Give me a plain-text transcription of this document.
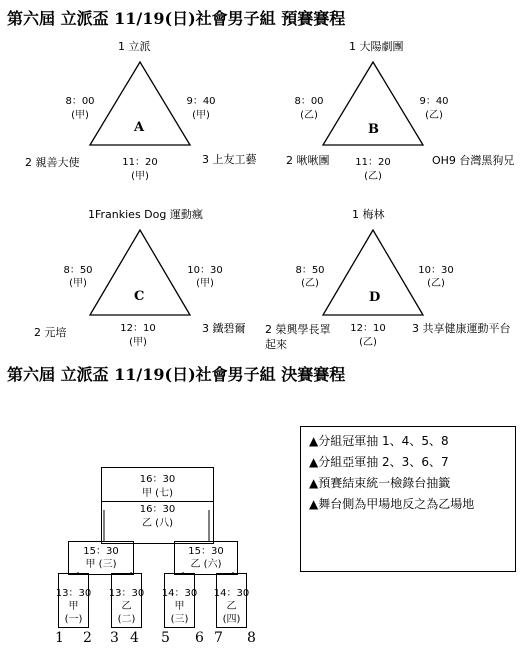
第六屆 立派盃 11/19(日)社會男子組 預賽賽程
1 立派
8：00
(甲)
9：40
(甲)
A
2 親善大使	3 上友工藝
11：20
(甲)
1 大陽劇團
8：00
(乙)
9：40
(乙)
B
2 啾啾團	OH9 台灣黑狗兄
11：20
(乙)
1Frankies Dog 運動瘋
8：50
(甲)
10：30
(甲)
C
2 元培	3 鐵碧爾
12：10
(甲)
1 梅林
8：50
(乙)
10：30
(乙)
D
2 榮興學長罩
起來
3 共享健康運動平台
12：10
(乙)
第六屆 立派盃 11/19(日)社會男子組 決賽賽程
16：30
甲 (七)
16：30
乙 (八)
15：30
甲 (三)
15：30
乙 (六)
13：30
甲
(一)
13：30
乙
(二)
14：30
甲
(三)
14：30
乙
(四)
1 2 3 4 5 6 7 8
▲分組冠軍抽 1、4、5、8
▲分組亞軍抽 2、3、6、7
▲預賽結束統一檢錄台抽籤
▲舞台側為甲場地反之為乙場地
